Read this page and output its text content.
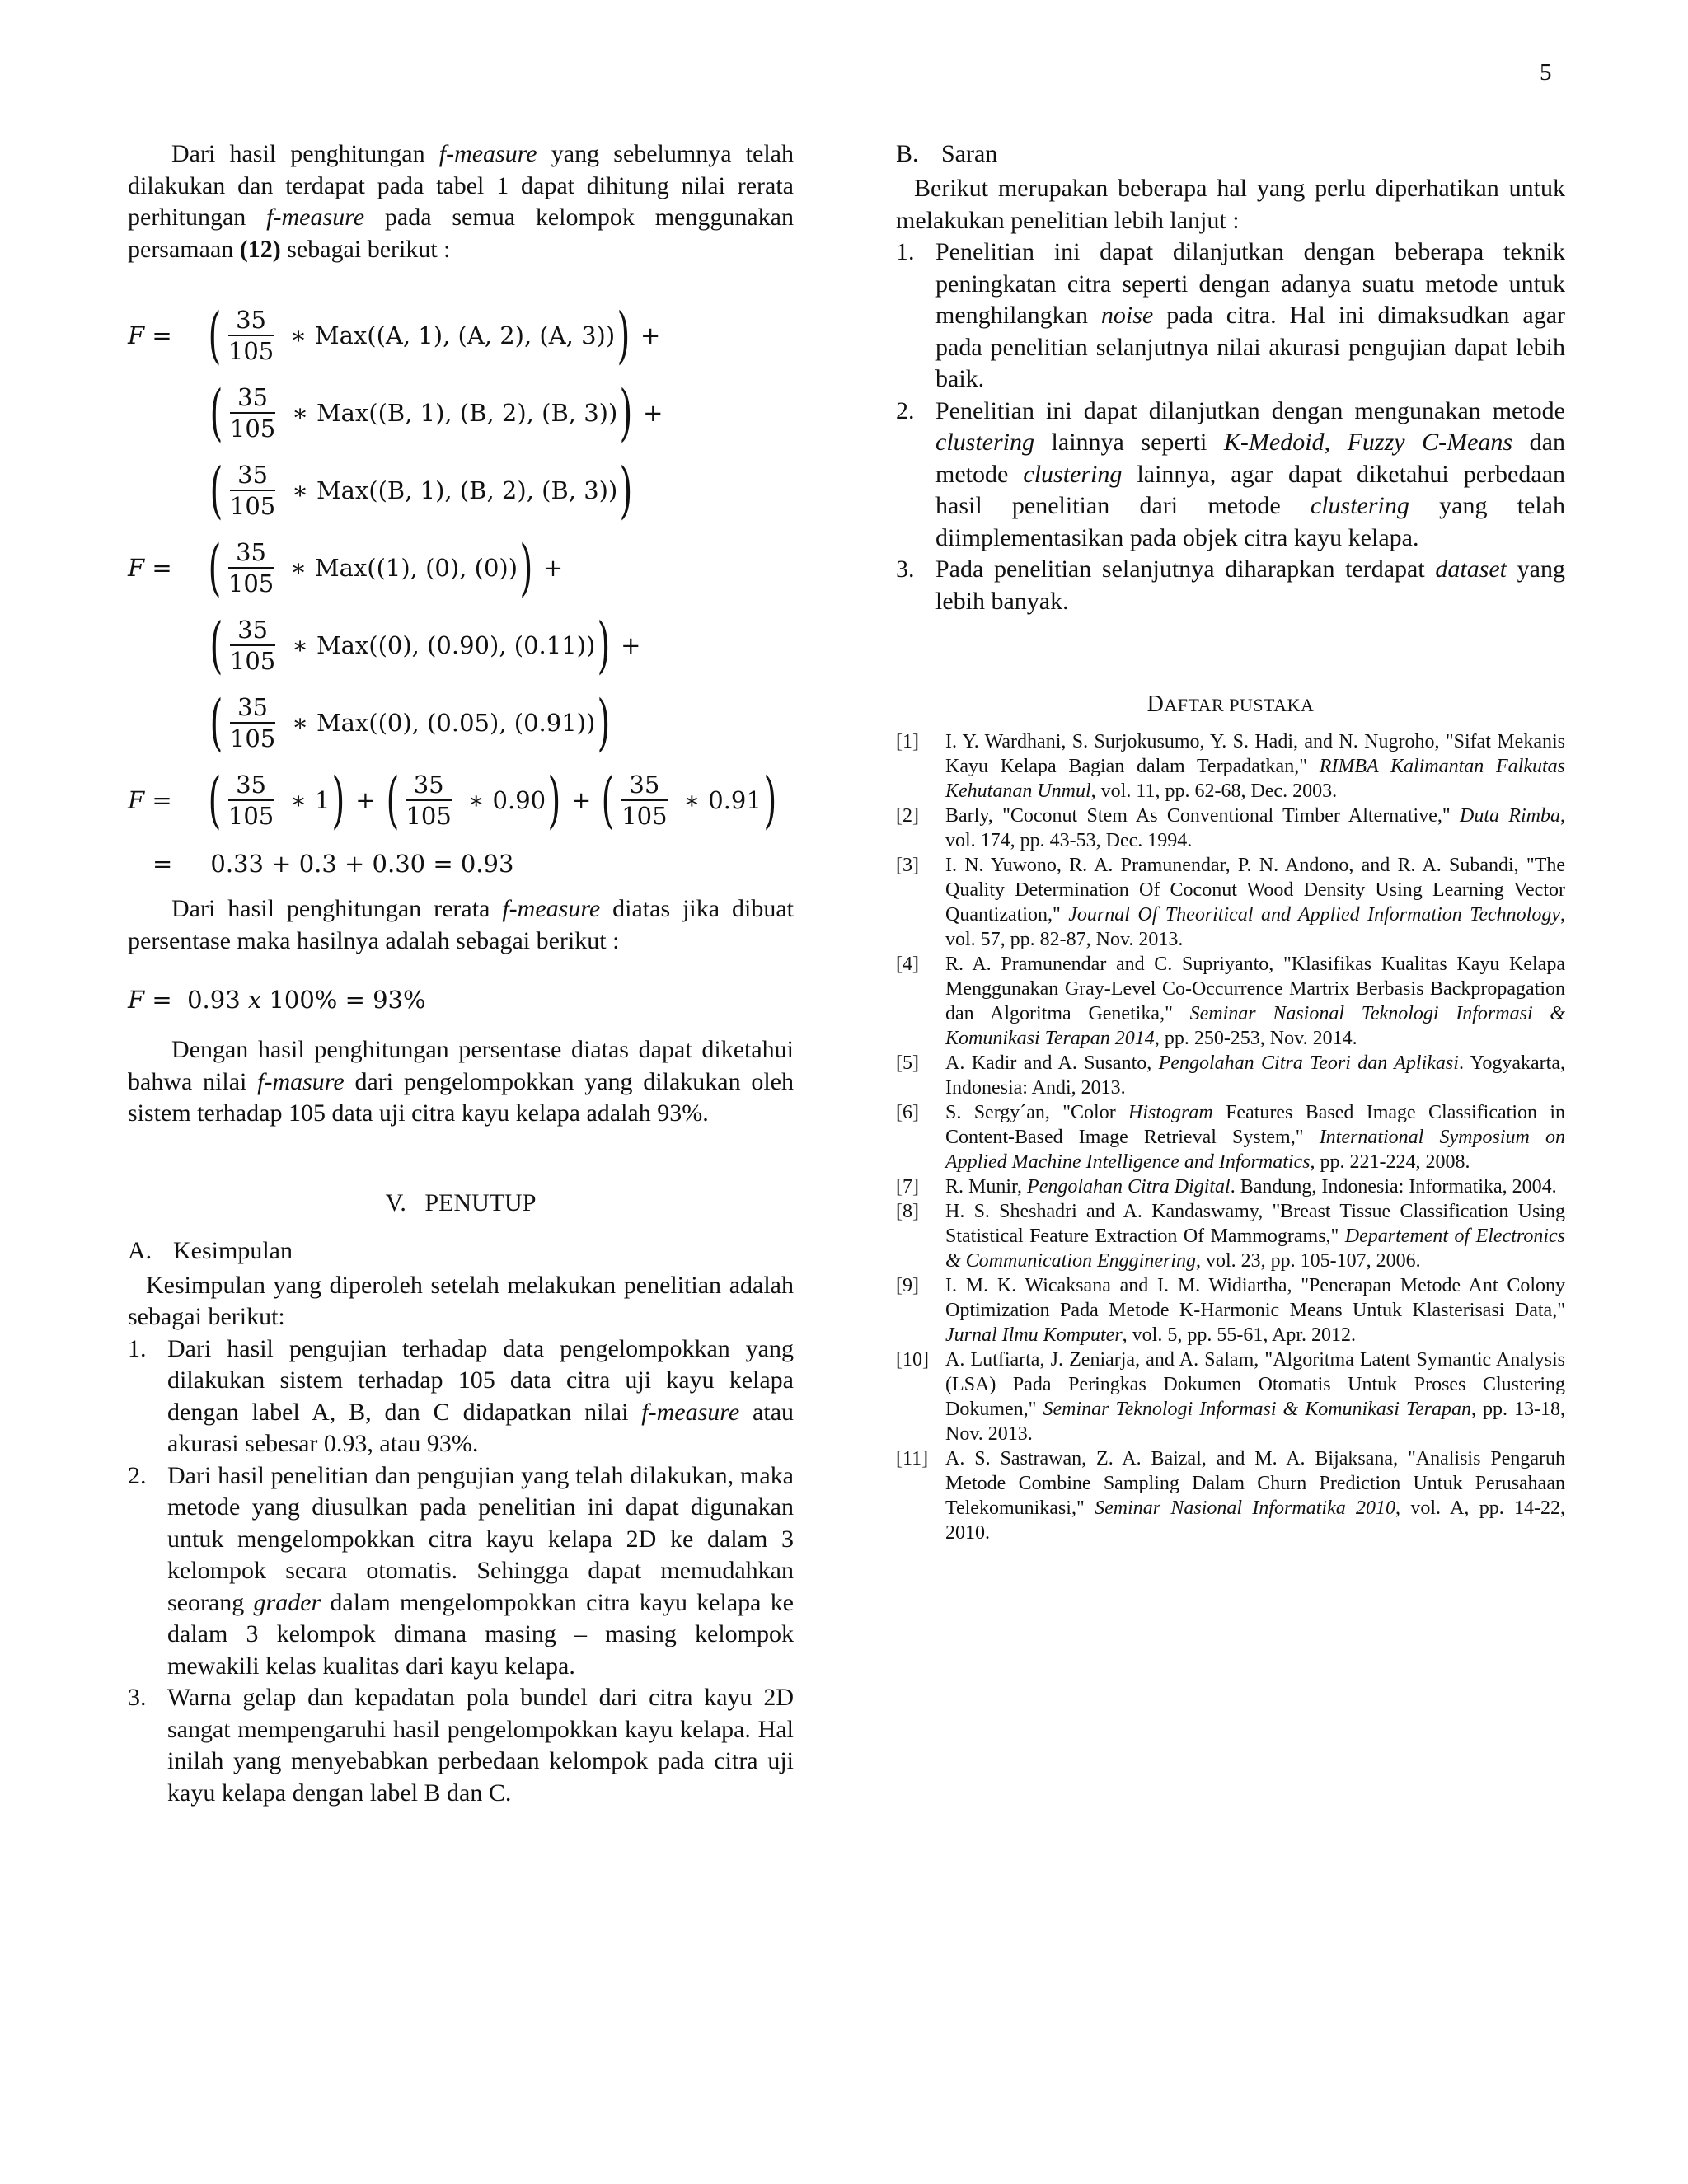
5

Dari hasil penghitungan f-measure yang sebelumnya telah dilakukan dan terdapat pada tabel 1 dapat dihitung nilai rerata perhitungan f-measure pada semua kelompok menggunakan persamaan (12) sebagai berikut :

F = ( $\frac{35}{105}$ ∗ Max((A, 1), (A, 2), (A, 3)) ) +
( $\frac{35}{105}$ ∗ Max((B, 1), (B, 2), (B, 3)) ) +
( $\frac{35}{105}$ ∗ Max((B, 1), (B, 2), (B, 3)) )
F = ( $\frac{35}{105}$ ∗ Max((1), (0), (0)) ) +
( $\frac{35}{105}$ ∗ Max((0), (0.90), (0.11)) ) +
( $\frac{35}{105}$ ∗ Max((0), (0.05), (0.91)) )
F = ( $\frac{35}{105}$ ∗ 1 ) + ( $\frac{35}{105}$ ∗ 0.90 ) + ( $\frac{35}{105}$ ∗ 0.91 )
=     0.33 + 0.3 + 0.30 = 0.93

Dari hasil penghitungan rerata f-measure diatas jika dibuat persentase maka hasilnya adalah sebagai berikut :

F =  0.93 x 100% = 93%

Dengan hasil penghitungan persentase diatas dapat diketahui bahwa nilai f-masure dari pengelompokkan yang dilakukan oleh sistem terhadap 105 data uji citra kayu kelapa adalah 93%.

V.   PENUTUP

A. Kesimpulan

Kesimpulan yang diperoleh setelah melakukan penelitian adalah sebagai berikut:

1. Dari hasil pengujian terhadap data pengelompokkan yang dilakukan sistem terhadap 105 data citra uji kayu kelapa dengan label A, B, dan C didapatkan nilai f-measure atau akurasi sebesar 0.93, atau 93%.
2. Dari hasil penelitian dan pengujian yang telah dilakukan, maka metode yang diusulkan pada penelitian ini dapat digunakan untuk mengelompokkan citra kayu kelapa 2D ke dalam 3 kelompok secara otomatis. Sehingga dapat memudahkan seorang grader dalam mengelompokkan citra kayu kelapa ke dalam 3 kelompok dimana masing – masing kelompok mewakili kelas kualitas dari kayu kelapa.
3. Warna gelap dan kepadatan pola bundel dari citra kayu 2D sangat mempengaruhi hasil pengelompokkan kayu kelapa. Hal inilah yang menyebabkan perbedaan kelompok pada citra uji kayu kelapa dengan label B dan C.

B. Saran

Berikut merupakan beberapa hal yang perlu diperhatikan untuk melakukan penelitian lebih lanjut :

1. Penelitian ini dapat dilanjutkan dengan beberapa teknik peningkatan citra seperti dengan adanya suatu metode untuk menghilangkan noise pada citra. Hal ini dimaksudkan agar pada penelitian selanjutnya nilai akurasi pengujian dapat lebih baik.
2. Penelitian ini dapat dilanjutkan dengan mengunakan metode clustering lainnya seperti K-Medoid, Fuzzy C-Means dan metode clustering lainnya, agar dapat diketahui perbedaan hasil penelitian dari metode clustering yang telah diimplementasikan pada objek citra kayu kelapa.
3. Pada penelitian selanjutnya diharapkan terdapat dataset yang lebih banyak.
DAFTAR PUSTAKA
[1] I. Y. Wardhani, S. Surjokusumo, Y. S. Hadi, and N. Nugroho, "Sifat Mekanis Kayu Kelapa Bagian dalam Terpadatkan," RIMBA Kalimantan Falkutas Kehutanan Unmul, vol. 11, pp. 62-68, Dec. 2003.
[2] Barly, "Coconut Stem As Conventional Timber Alternative," Duta Rimba, vol. 174, pp. 43-53, Dec. 1994.
[3] I. N. Yuwono, R. A. Pramunendar, P. N. Andono, and R. A. Subandi, "The Quality Determination Of Coconut Wood Density Using Learning Vector Quantization," Journal Of Theoritical and Applied Information Technology, vol. 57, pp. 82-87, Nov. 2013.
[4] R. A. Pramunendar and C. Supriyanto, "Klasifikas Kualitas Kayu Kelapa Menggunakan Gray-Level Co-Occurrence Martrix Berbasis Backpropagation dan Algoritma Genetika," Seminar Nasional Teknologi Informasi & Komunikasi Terapan 2014, pp. 250-253, Nov. 2014.
[5] A. Kadir and A. Susanto, Pengolahan Citra Teori dan Aplikasi. Yogyakarta, Indonesia: Andi, 2013.
[6] S. Sergy´an, "Color Histogram Features Based Image Classification in Content-Based Image Retrieval System," International Symposium on Applied Machine Intelligence and Informatics, pp. 221-224, 2008.
[7] R. Munir, Pengolahan Citra Digital. Bandung, Indonesia: Informatika, 2004.
[8] H. S. Sheshadri and A. Kandaswamy, "Breast Tissue Classification Using Statistical Feature Extraction Of Mammograms," Departement of Electronics & Communication Engginering, vol. 23, pp. 105-107, 2006.
[9] I. M. K. Wicaksana and I. M. Widiartha, "Penerapan Metode Ant Colony Optimization Pada Metode K-Harmonic Means Untuk Klasterisasi Data," Jurnal Ilmu Komputer, vol. 5, pp. 55-61, Apr. 2012.
[10] A. Lutfiarta, J. Zeniarja, and A. Salam, "Algoritma Latent Symantic Analysis (LSA) Pada Peringkas Dokumen Otomatis Untuk Proses Clustering Dokumen," Seminar Teknologi Informasi & Komunikasi Terapan, pp. 13-18, Nov. 2013.
[11] A. S. Sastrawan, Z. A. Baizal, and M. A. Bijaksana, "Analisis Pengaruh Metode Combine Sampling Dalam Churn Prediction Untuk Perusahaan Telekomunikasi," Seminar Nasional Informatika 2010, vol. A, pp. 14-22, 2010.
